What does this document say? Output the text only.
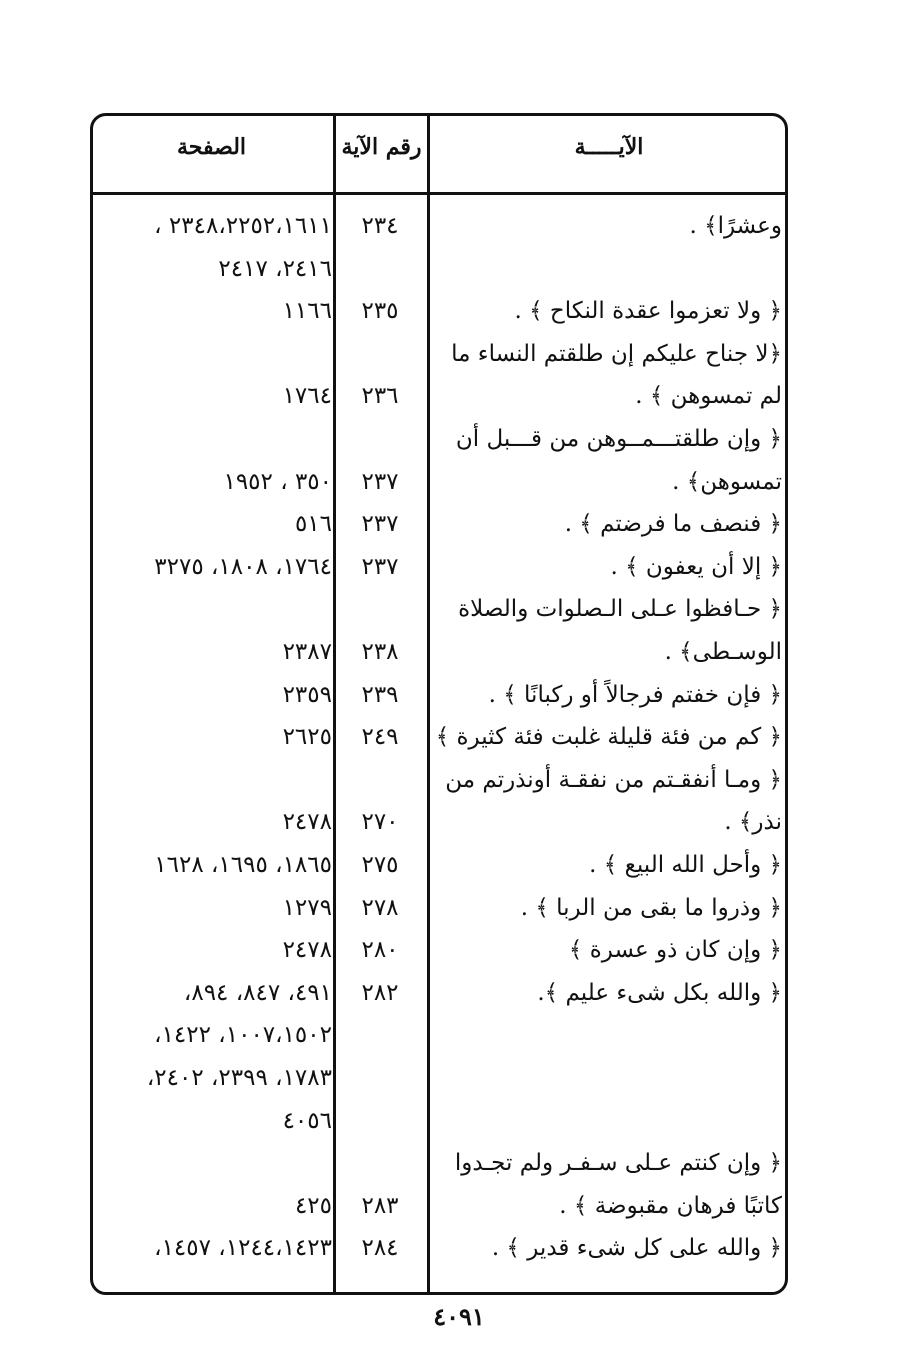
الآيـــــة
رقم الآية
الصفحة
وعشرًا﴾ .
٢٣٤
٢٣٤٨،٢٢٥٢،١٦١١ ،
٢٤١٦، ٢٤١٧
﴿ ولا تعزموا عقدة النكاح ﴾ .
٢٣٥
١١٦٦
﴿لا جناح عليكم إن طلقتم النساء ما
لم تمسوهن ﴾ .
٢٣٦
١٧٦٤
﴿ وإن طلقتـــمــوهن من قـــبل أن
تمسوهن﴾ .
٢٣٧
٣٥٠ ، ١٩٥٢
﴿ فنصف ما فرضتم ﴾ .
٢٣٧
٥١٦
﴿ إلا أن يعفون ﴾ .
٢٣٧
١٧٦٤، ١٨٠٨، ٣٢٧٥
﴿ حـافظوا عـلى الـصلوات والصلاة
الوسـطى﴾ .
٢٣٨
٢٣٨٧
﴿ فإن خفتم فرجالاً أو ركبانًا ﴾ .
٢٣٩
٢٣٥٩
﴿ كم من فئة قليلة غلبت فئة كثيرة ﴾
٢٤٩
٢٦٢٥
﴿ ومـا أنفقـتم من نفقـة أونذرتم من
نذر﴾ .
٢٧٠
٢٤٧٨
﴿ وأحل الله البيع ﴾ .
٢٧٥
١٨٦٥، ١٦٩٥، ١٦٢٨
﴿ وذروا ما بقى من الربا ﴾ .
٢٧٨
١٢٧٩
﴿ وإن كان ذو عسرة ﴾
٢٨٠
٢٤٧٨
﴿ والله بكل شىء عليم ﴾.
٢٨٢
٤٩١، ٨٤٧، ٨٩٤،
١٠٠٧،١٥٠٢، ١٤٢٢،
١٧٨٣، ٢٣٩٩، ٢٤٠٢،
٤٠٥٦
﴿ وإن كنتم عـلى سـفـر ولم تجـدوا
كاتبًا فرهان مقبوضة ﴾ .
٢٨٣
٤٢٥
﴿ والله على كل شىء قدير ﴾ .
٢٨٤
١٢٤٤،١٤٢٣، ١٤٥٧،
٤٠٩١
